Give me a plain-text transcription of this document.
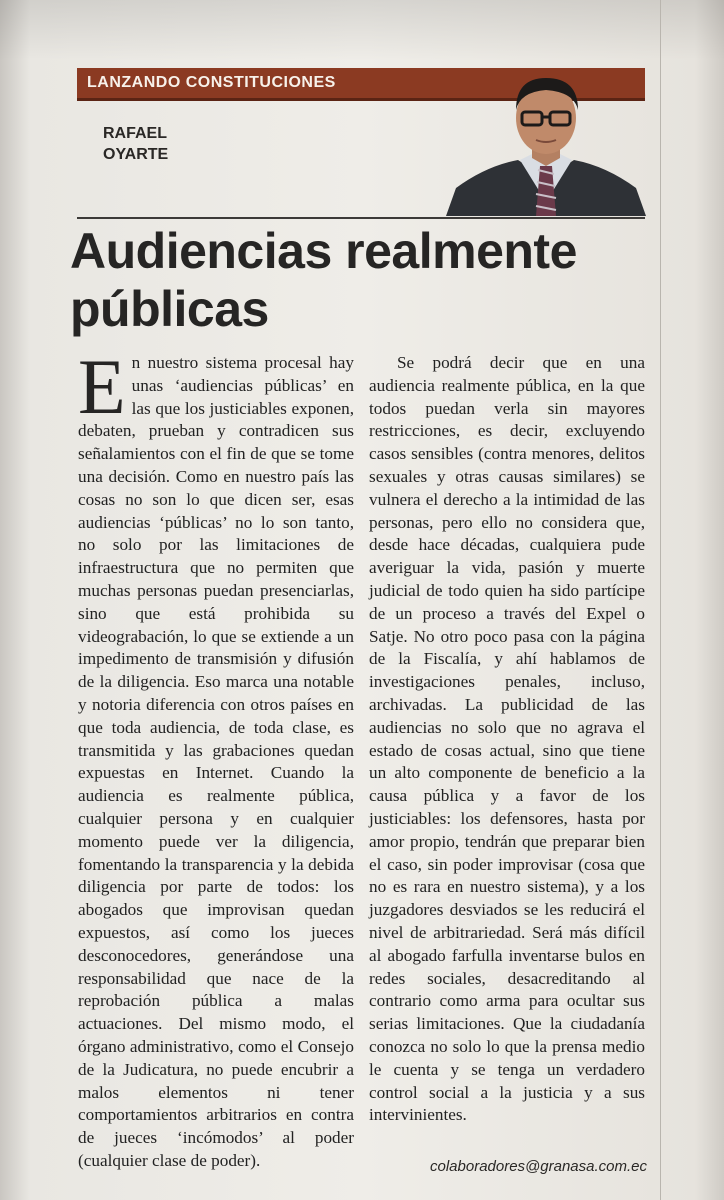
LANZANDO CONSTITUCIONES
RAFAEL
OYARTE
Audiencias realmente
públicas

En nuestro sistema procesal hay unas ‘audiencias públicas’ en las que los justiciables exponen, debaten, prueban y contradicen sus señalamientos con el fin de que se tome una decisión. Como en nuestro país las cosas no son lo que dicen ser, esas audiencias ‘públicas’ no lo son tanto, no solo por las limitaciones de infraestructura que no permiten que muchas personas puedan presenciarlas, sino que está prohibida su videograbación, lo que se extiende a un impedimento de transmisión y difusión de la diligencia. Eso marca una notable y notoria diferencia con otros países en que toda audiencia, de toda clase, es transmitida y las grabaciones quedan expuestas en Internet. Cuando la audiencia es realmente pública, cualquier persona y en cualquier momento puede ver la diligencia, fomentando la transparencia y la debida diligencia por parte de todos: los abogados que improvisan quedan expuestos, así como los jueces desconocedores, generándose una responsabilidad que nace de la reprobación pública a malas actuaciones. Del mismo modo, el órgano administrativo, como el Consejo de la Judicatura, no puede encubrir a malos elementos ni tener comportamientos arbitrarios en contra de jueces ‘incómodos’ al poder (cualquier clase de poder).

Se podrá decir que en una audiencia realmente pública, en la que todos puedan verla sin mayores restricciones, es decir, excluyendo casos sensibles (contra menores, delitos sexuales y otras causas similares) se vulnera el derecho a la intimidad de las personas, pero ello no considera que, desde hace décadas, cualquiera pude averiguar la vida, pasión y muerte judicial de todo quien ha sido partícipe de un proceso a través del Expel o Satje. No otro poco pasa con la página de la Fiscalía, y ahí hablamos de investigaciones penales, incluso, archivadas. La publicidad de las audiencias no solo que no agrava el estado de cosas actual, sino que tiene un alto componente de beneficio a la causa pública y a favor de los justiciables: los defensores, hasta por amor propio, tendrán que preparar bien el caso, sin poder improvisar (cosa que no es rara en nuestro sistema), y a los juzgadores desviados se les reducirá el nivel de arbitrariedad. Será más difícil al abogado farfulla inventarse bulos en redes sociales, desacreditando al contrario como arma para ocultar sus serias limitaciones. Que la ciudadanía conozca no solo lo que la prensa medio le cuenta y se tenga un verdadero control social a la justicia y a sus intervinientes.

colaboradores@granasa.com.ec
